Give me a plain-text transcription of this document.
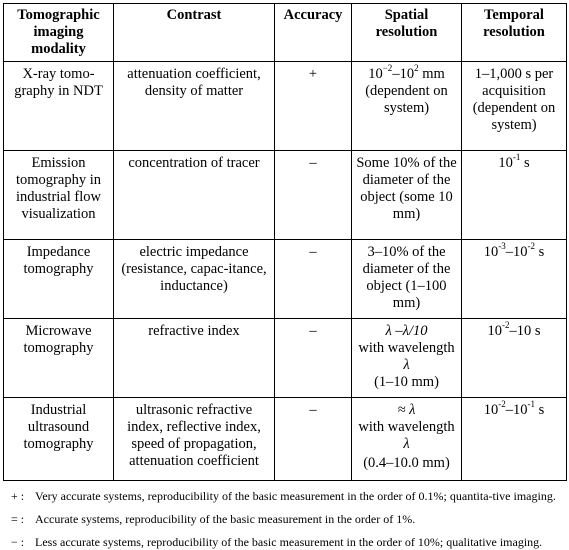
Tomographic imaging modality	Contrast	Accuracy	Spatial resolution	Temporal resolution
X-ray tomo-graphy in NDT	attenuation coefficient, density of matter	+	$10^{-2}-10^2$ mm (dependent on system)	1–1,000 s per acquisition (dependent on system)
Emission tomography in industrial flow visualization	concentration of tracer	–	Some 10% of the diameter of the object (some 10 mm)	$10^{-1}$ s
Impedance tomography	electric impedance (resistance, capac-itance, inductance)	–	3–10% of the diameter of the object (1–100 mm)	$10^{-3}-10^{-2}$ s
Microwave tomography	refractive index	–	λ –λ/10
with wavelength
λ
(1–10 mm)	$10^{-2}-10$ s
Industrial ultrasound tomography	ultrasonic refractive index, reflective index, speed of propagation, attenuation coefficient	–	≈ λ
with wavelength
λ
(0.4–10.0 mm)	$10^{-2}-10^{-1}$ s
+ : Very accurate systems, reproducibility of the basic measurement in the order of 0.1%; quantita-tive imaging.
= : Accurate systems, reproducibility of the basic measurement in the order of 1%.
− : Less accurate systems, reproducibility of the basic measurement in the order of 10%; qualitative imaging.
